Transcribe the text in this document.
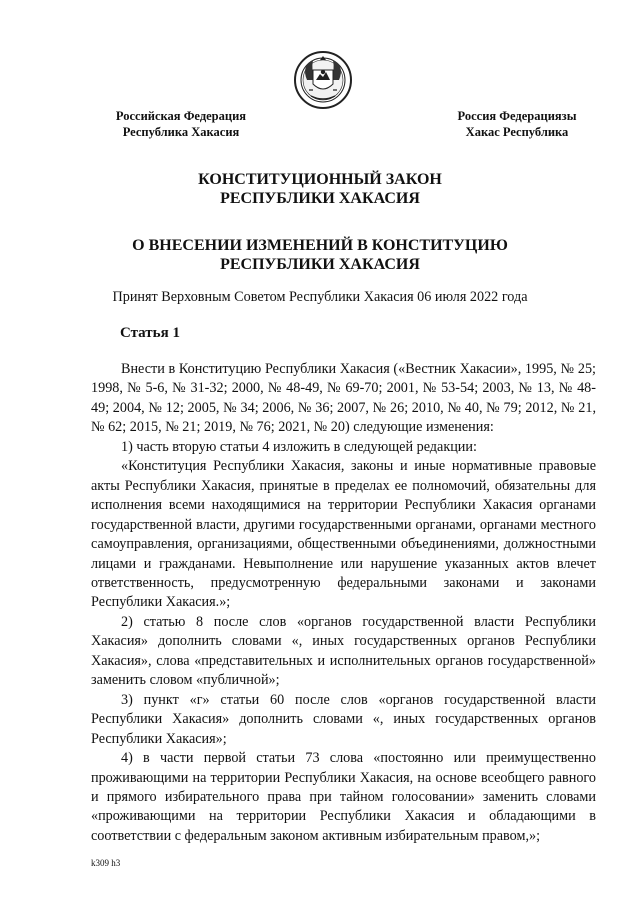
Российская Федерация
Республика Хакасия
Россия Федерациязы
Хакас Республика
КОНСТИТУЦИОННЫЙ ЗАКОН
РЕСПУБЛИКИ ХАКАСИЯ
О ВНЕСЕНИИ ИЗМЕНЕНИЙ В КОНСТИТУЦИЮ
РЕСПУБЛИКИ ХАКАСИЯ
Принят Верховным Советом Республики Хакасия 06 июля 2022 года
Статья 1

Внести в Конституцию Республики Хакасия («Вестник Хакасии», 1995, № 25; 1998, № 5-6, № 31-32; 2000, № 48-49, № 69-70; 2001, № 53-54; 2003, № 13, № 48-49; 2004, № 12; 2005, № 34; 2006, № 36; 2007, № 26; 2010, № 40, № 79; 2012, № 21, № 62; 2015, № 21; 2019, № 76; 2021, № 20) следующие изменения:

1) часть вторую статьи 4 изложить в следующей редакции:

«Конституция Республики Хакасия, законы и иные нормативные правовые акты Республики Хакасия, принятые в пределах ее полномочий, обязательны для исполнения всеми находящимися на территории Республики Хакасия органами государственной власти, другими государственными органами, органами местного самоуправления, организациями, общественными объединениями, должностными лицами и гражданами. Невыполнение или нарушение указанных актов влечет ответственность, предусмотренную федеральными законами и законами Республики Хакасия.»;

2) статью 8 после слов «органов государственной власти Республики Хакасия» дополнить словами «, иных государственных органов Республики Хакасия», слова «представительных и исполнительных органов государственной» заменить словом «публичной»;

3) пункт «г» статьи 60 после слов «органов государственной власти Республики Хакасия» дополнить словами «, иных государственных органов Республики Хакасия»;

4) в части первой статьи 73 слова «постоянно или преимущественно проживающими на территории Республики Хакасия, на основе всеобщего равного и прямого избирательного права при тайном голосовании» заменить словами «проживающими на территории Республики Хакасия и обладающими в соответствии с федеральным законом активным избирательным правом,»;

k309 h3
